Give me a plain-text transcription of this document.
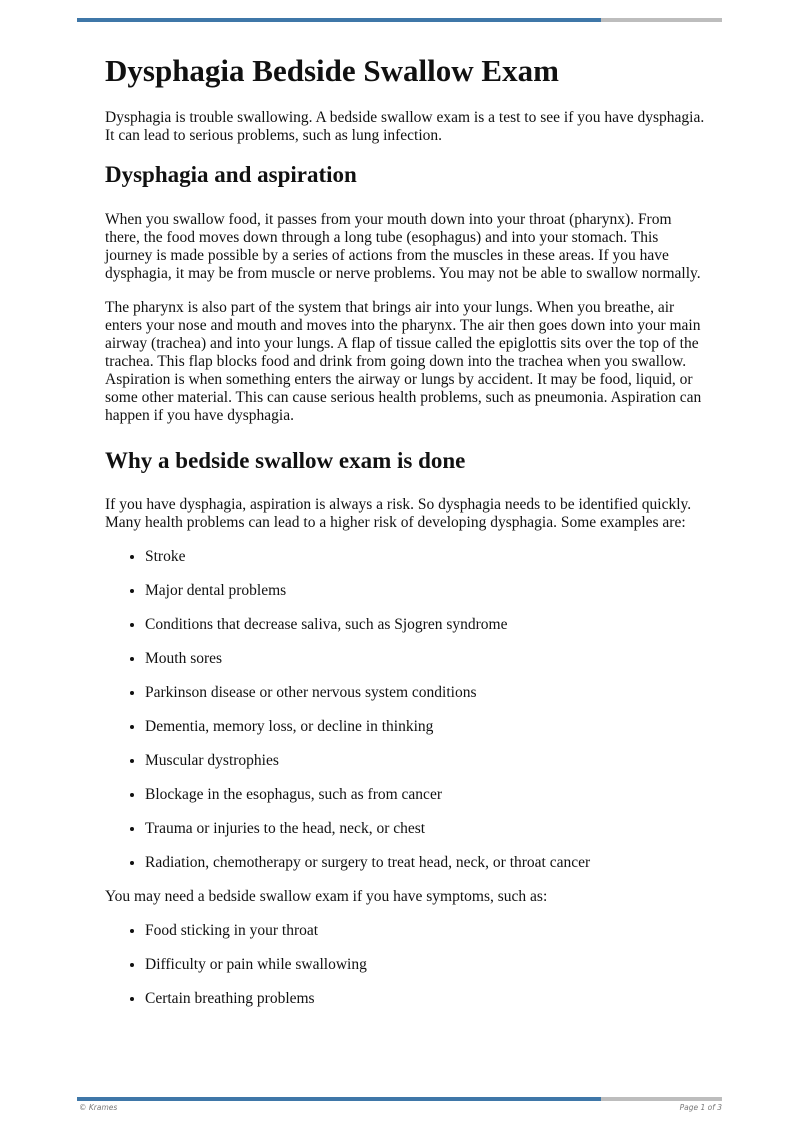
Dysphagia Bedside Swallow Exam

Dysphagia is trouble swallowing. A bedside swallow exam is a test to see if you have dysphagia. It can lead to serious problems, such as lung infection.

Dysphagia and aspiration

When you swallow food, it passes from your mouth down into your throat (pharynx). From there, the food moves down through a long tube (esophagus) and into your stomach. This journey is made possible by a series of actions from the muscles in these areas. If you have dysphagia, it may be from muscle or nerve problems. You may not be able to swallow normally.

The pharynx is also part of the system that brings air into your lungs. When you breathe, air enters your nose and mouth and moves into the pharynx. The air then goes down into your main airway (trachea) and into your lungs. A flap of tissue called the epiglottis sits over the top of the trachea. This flap blocks food and drink from going down into the trachea when you swallow. Aspiration is when something enters the airway or lungs by accident. It may be food, liquid, or some other material. This can cause serious health problems, such as pneumonia. Aspiration can happen if you have dysphagia.

Why a bedside swallow exam is done

If you have dysphagia, aspiration is always a risk. So dysphagia needs to be identified quickly. Many health problems can lead to a higher risk of developing dysphagia. Some examples are:

• Stroke
• Major dental problems
• Conditions that decrease saliva, such as Sjogren syndrome
• Mouth sores
• Parkinson disease or other nervous system conditions
• Dementia, memory loss, or decline in thinking
• Muscular dystrophies
• Blockage in the esophagus, such as from cancer
• Trauma or injuries to the head, neck, or chest
• Radiation, chemotherapy or surgery to treat head, neck, or throat cancer

You may need a bedside swallow exam if you have symptoms, such as:

• Food sticking in your throat
• Difficulty or pain while swallowing
• Certain breathing problems
© Krames	Page 1 of 3
